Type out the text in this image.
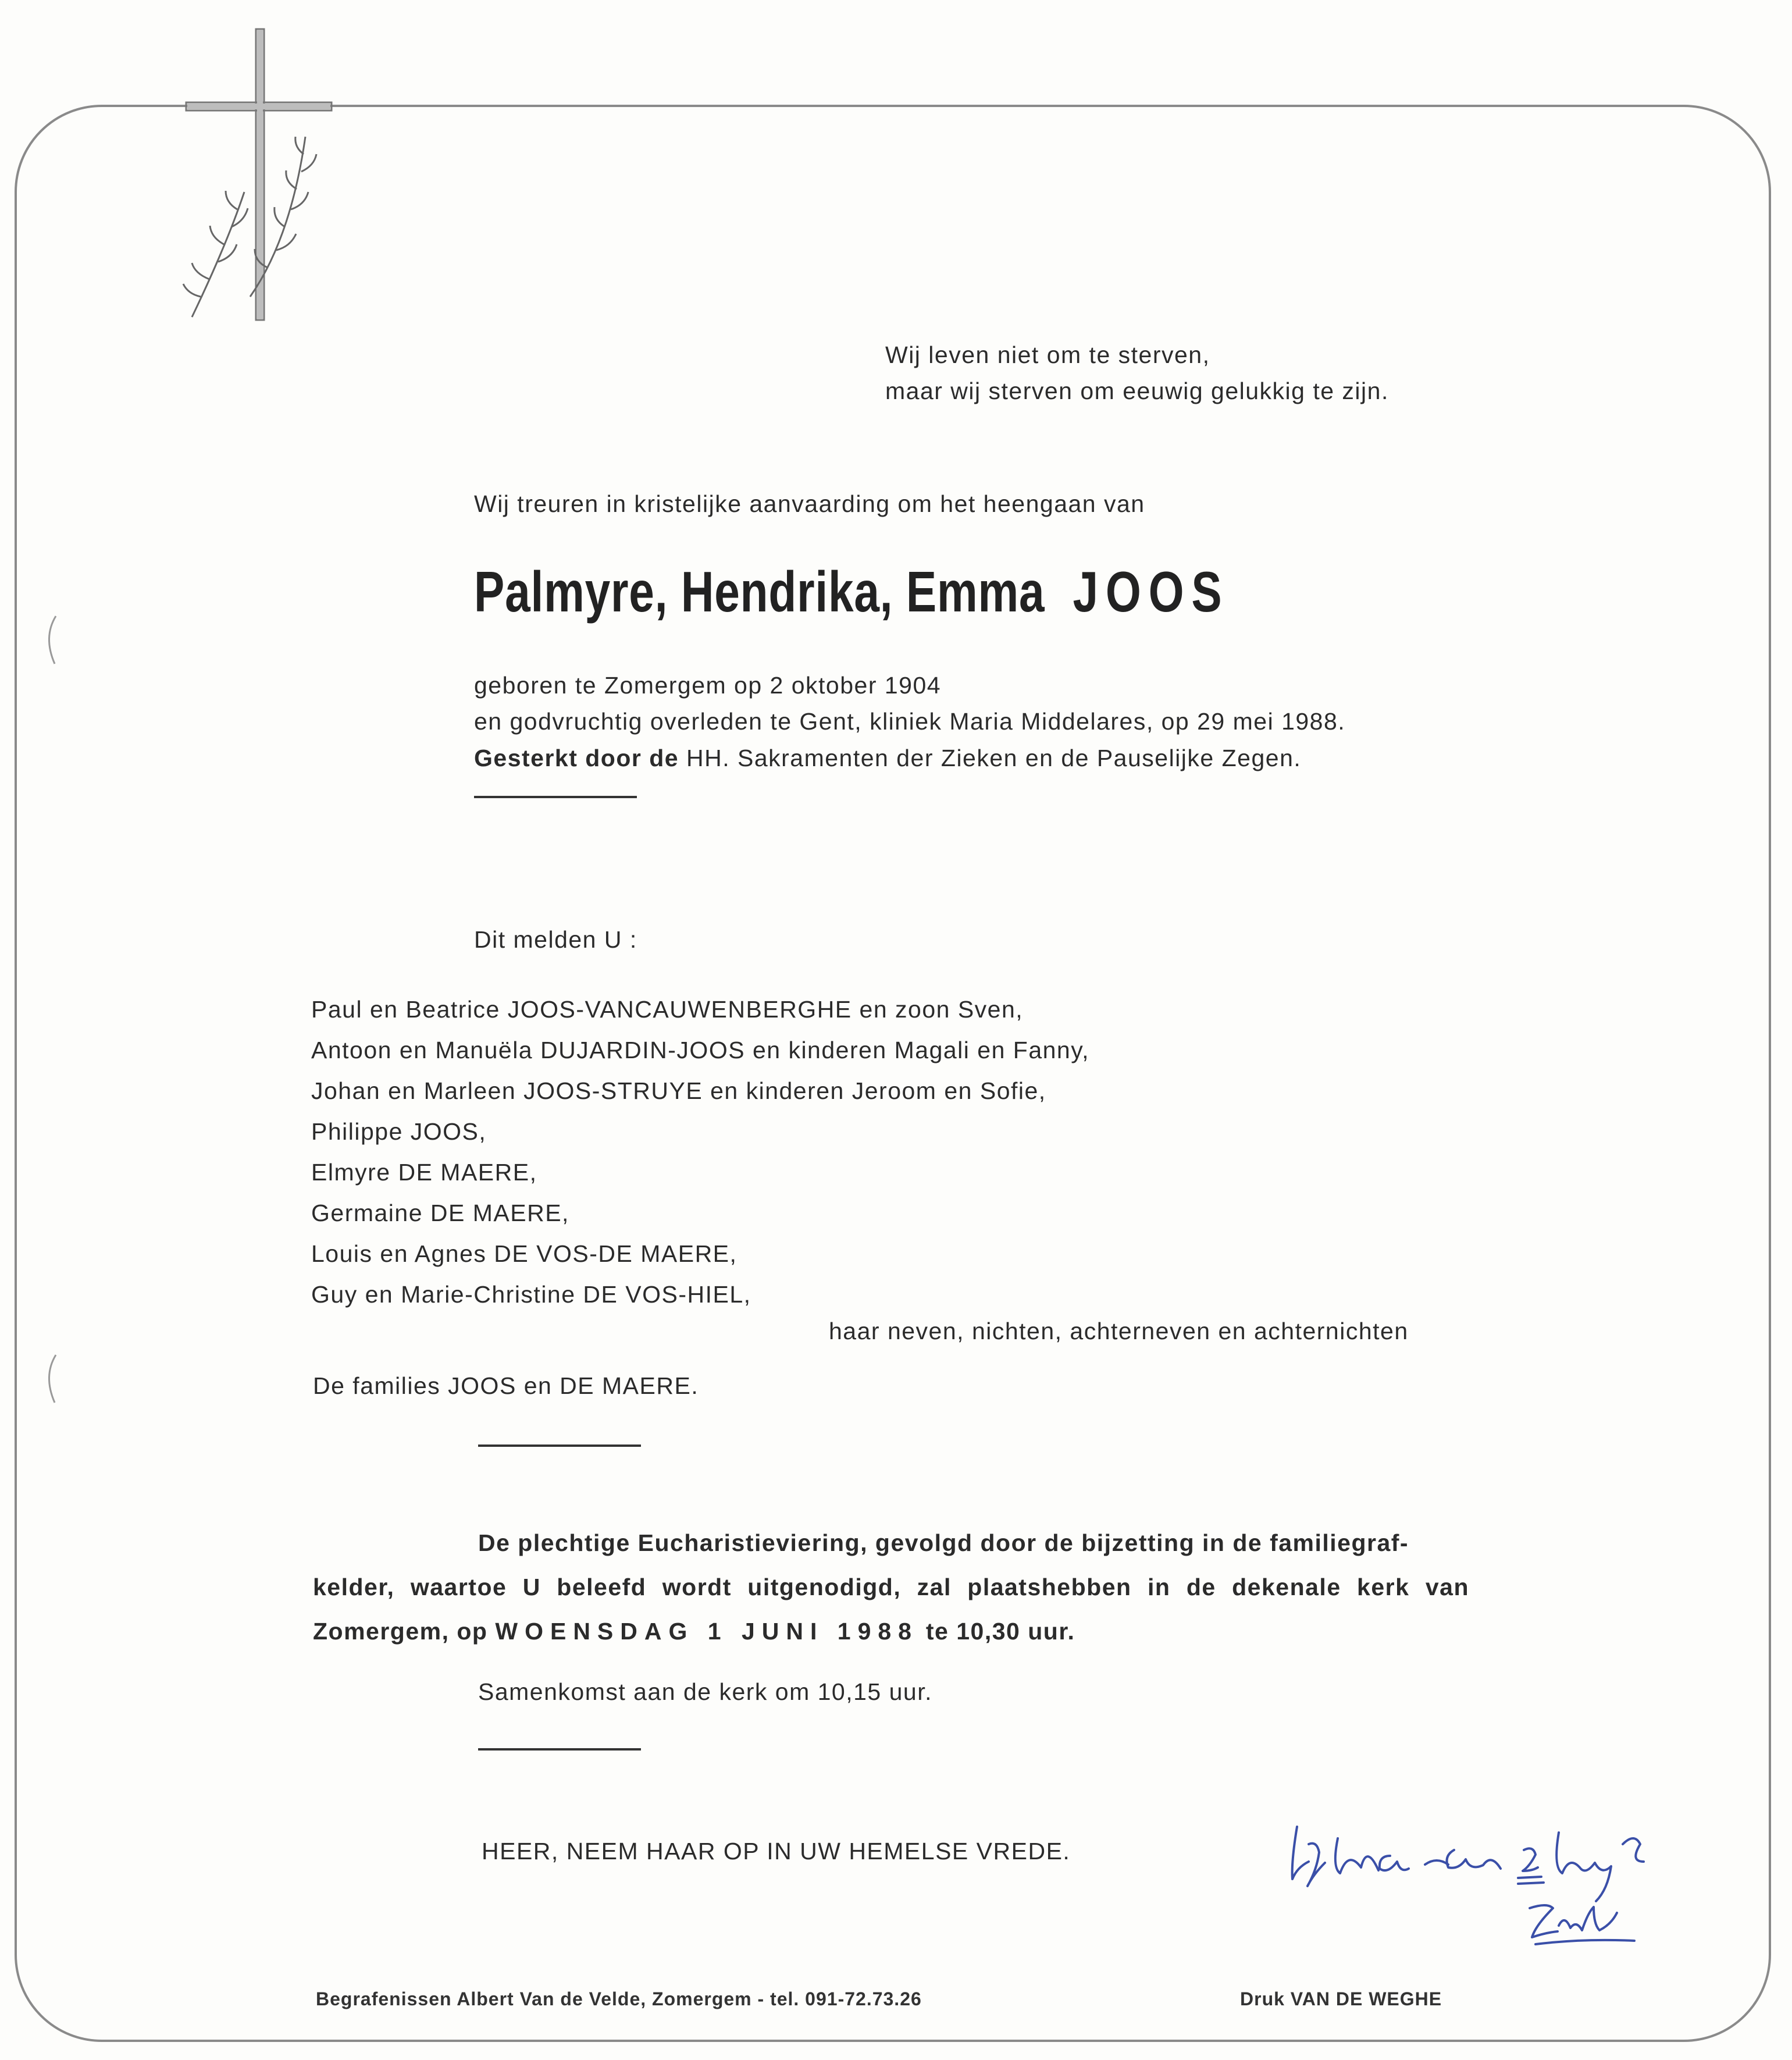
Wij leven niet om te sterven,
maar wij sterven om eeuwig gelukkig te zijn.
Wij treuren in kristelijke aanvaarding om het heengaan van
Palmyre, Hendrika, Emma JOOS
geboren te Zomergem op 2 oktober 1904
en godvruchtig overleden te Gent, kliniek Maria Middelares, op 29 mei 1988.
Gesterkt door de HH. Sakramenten der Zieken en de Pauselijke Zegen.
Dit melden U :
Paul en Beatrice JOOS-VANCAUWENBERGHE en zoon Sven,
Antoon en Manuëla DUJARDIN-JOOS en kinderen Magali en Fanny,
Johan en Marleen JOOS-STRUYE en kinderen Jeroom en Sofie,
Philippe JOOS,
Elmyre DE MAERE,
Germaine DE MAERE,
Louis en Agnes DE VOS-DE MAERE,
Guy en Marie-Christine DE VOS-HIEL,
haar neven, nichten, achterneven en achternichten
De families JOOS en DE MAERE.
De plechtige Eucharistieviering, gevolgd door de bijzetting in de familiegraf-
kelder, waartoe U beleefd wordt uitgenodigd, zal plaatshebben in de dekenale kerk van
Zomergem, op WOENSDAG 1 JUNI 1988 te 10,30 uur.
Samenkomst aan de kerk om 10,15 uur.
HEER, NEEM HAAR OP IN UW HEMELSE VREDE.
Begrafenissen Albert Van de Velde, Zomergem - tel. 091-72.73.26	Druk VAN DE WEGHE
